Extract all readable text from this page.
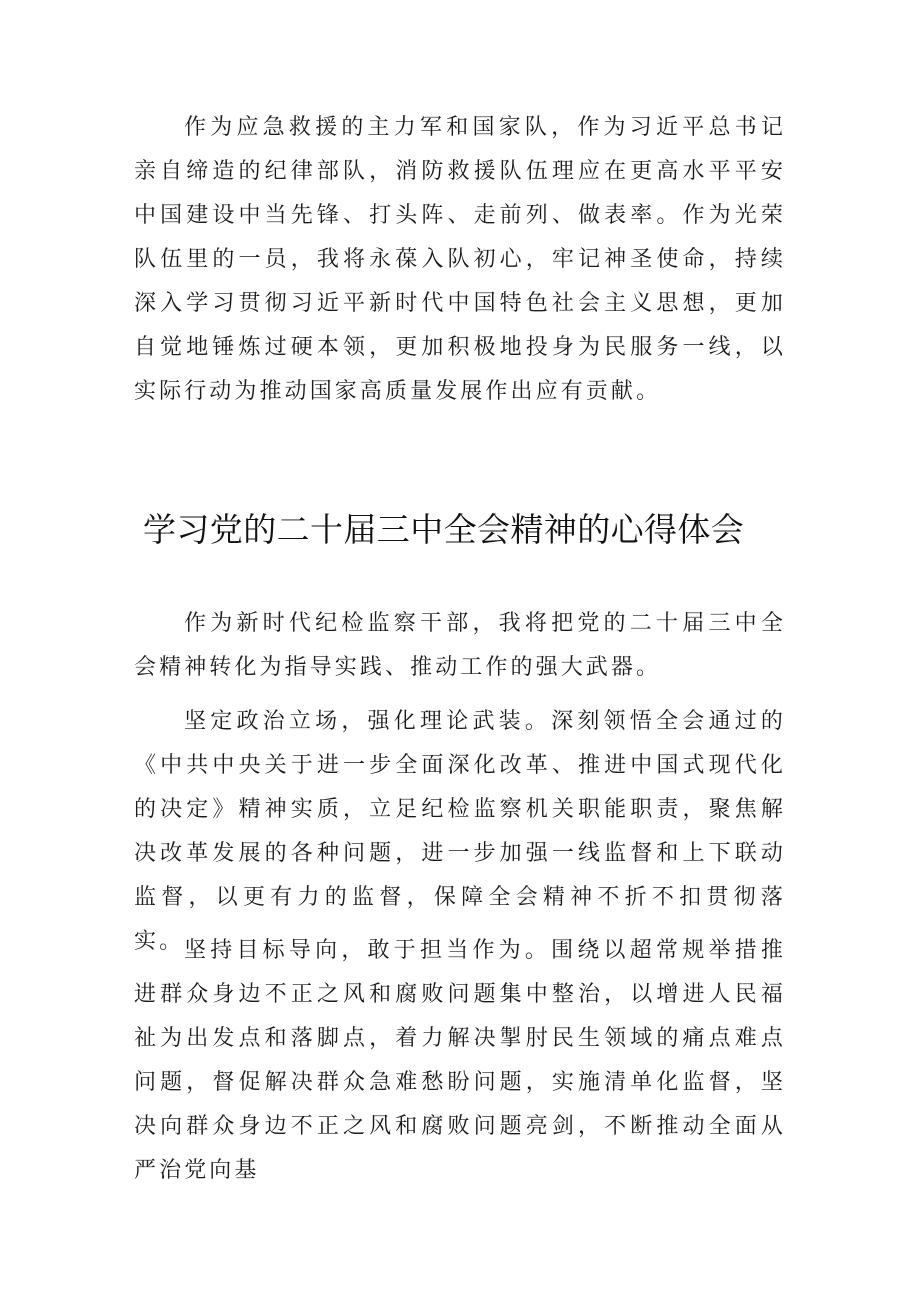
作为应急救援的主力军和国家队，作为习近平总书记亲自缔造的纪律部队，消防救援队伍理应在更高水平平安中国建设中当先锋、打头阵、走前列、做表率。作为光荣队伍里的一员，我将永葆入队初心，牢记神圣使命，持续深入学习贯彻习近平新时代中国特色社会主义思想，更加自觉地锤炼过硬本领，更加积极地投身为民服务一线，以实际行动为推动国家高质量发展作出应有贡献。

学习党的二十届三中全会精神的心得体会

作为新时代纪检监察干部，我将把党的二十届三中全会精神转化为指导实践、推动工作的强大武器。

坚定政治立场，强化理论武装。深刻领悟全会通过的《中共中央关于进一步全面深化改革、推进中国式现代化的决定》精神实质，立足纪检监察机关职能职责，聚焦解决改革发展的各种问题，进一步加强一线监督和上下联动监督，以更有力的监督，保障全会精神不折不扣贯彻落实。 坚持目标导向，敢于担当作为。围绕以超常规举措推进群众身边不正之风和腐败问题集中整治，以增进人民福祉为出发点和落脚点，着力解决掣肘民生领域的痛点难点问题，督促解决群众急难愁盼问题，实施清单化监督，坚决向群众身边不正之风和腐败问题亮剑，不断推动全面从严治党向基
